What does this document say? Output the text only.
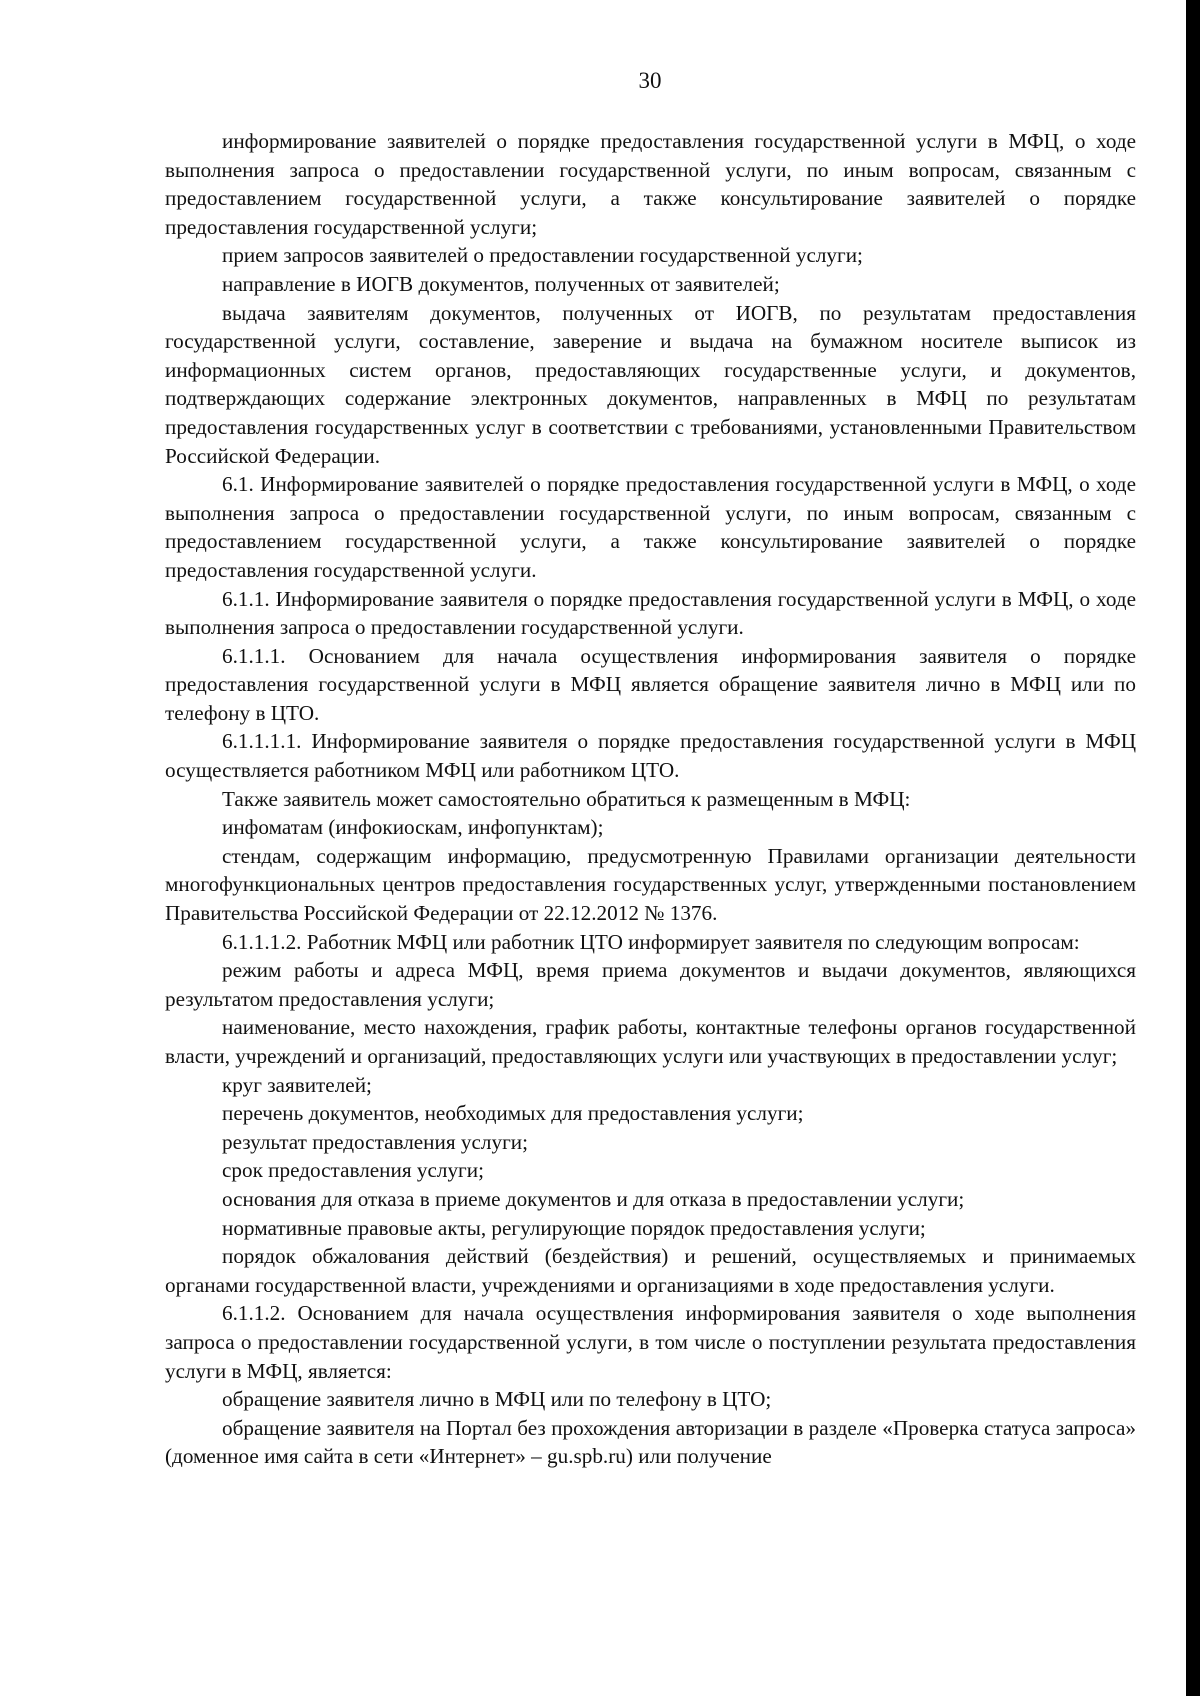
30

информирование заявителей о порядке предоставления государственной услуги в МФЦ, о ходе выполнения запроса о предоставлении государственной услуги, по иным вопросам, связанным с предоставлением государственной услуги, а также консультирование заявителей о порядке предоставления государственной услуги;

прием запросов заявителей о предоставлении государственной услуги;

направление в ИОГВ документов, полученных от заявителей;

выдача заявителям документов, полученных от ИОГВ, по результатам предоставления государственной услуги, составление, заверение и выдача на бумажном носителе выписок из информационных систем органов, предоставляющих государственные услуги, и документов, подтверждающих содержание электронных документов, направленных в МФЦ по результатам предоставления государственных услуг в соответствии с требованиями, установленными Правительством Российской Федерации.

6.1. Информирование заявителей о порядке предоставления государственной услуги в МФЦ, о ходе выполнения запроса о предоставлении государственной услуги, по иным вопросам, связанным с предоставлением государственной услуги, а также консультирование заявителей о порядке предоставления государственной услуги.

6.1.1. Информирование заявителя о порядке предоставления государственной услуги в МФЦ, о ходе выполнения запроса о предоставлении государственной услуги.

6.1.1.1. Основанием для начала осуществления информирования заявителя о порядке предоставления государственной услуги в МФЦ является обращение заявителя лично в МФЦ или по телефону в ЦТО.

6.1.1.1.1. Информирование заявителя о порядке предоставления государственной услуги в МФЦ осуществляется работником МФЦ или работником ЦТО.

Также заявитель может самостоятельно обратиться к размещенным в МФЦ:

инфоматам (инфокиоскам, инфопунктам);

стендам, содержащим информацию, предусмотренную Правилами организации деятельности многофункциональных центров предоставления государственных услуг, утвержденными постановлением Правительства Российской Федерации от 22.12.2012 № 1376.

6.1.1.1.2. Работник МФЦ или работник ЦТО информирует заявителя по следующим вопросам:

режим работы и адреса МФЦ, время приема документов и выдачи документов, являющихся результатом предоставления услуги;

наименование, место нахождения, график работы, контактные телефоны органов государственной власти, учреждений и организаций, предоставляющих услуги или участвующих в предоставлении услуг;

круг заявителей;

перечень документов, необходимых для предоставления услуги;

результат предоставления услуги;

срок предоставления услуги;

основания для отказа в приеме документов и для отказа в предоставлении услуги;

нормативные правовые акты, регулирующие порядок предоставления услуги;

порядок обжалования действий (бездействия) и решений, осуществляемых и принимаемых органами государственной власти, учреждениями и организациями в ходе предоставления услуги.

6.1.1.2. Основанием для начала осуществления информирования заявителя о ходе выполнения запроса о предоставлении государственной услуги, в том числе о поступлении результата предоставления услуги в МФЦ, является:

обращение заявителя лично в МФЦ или по телефону в ЦТО;

обращение заявителя на Портал без прохождения авторизации в разделе «Проверка статуса запроса» (доменное имя сайта в сети «Интернет» – gu.spb.ru) или получение
